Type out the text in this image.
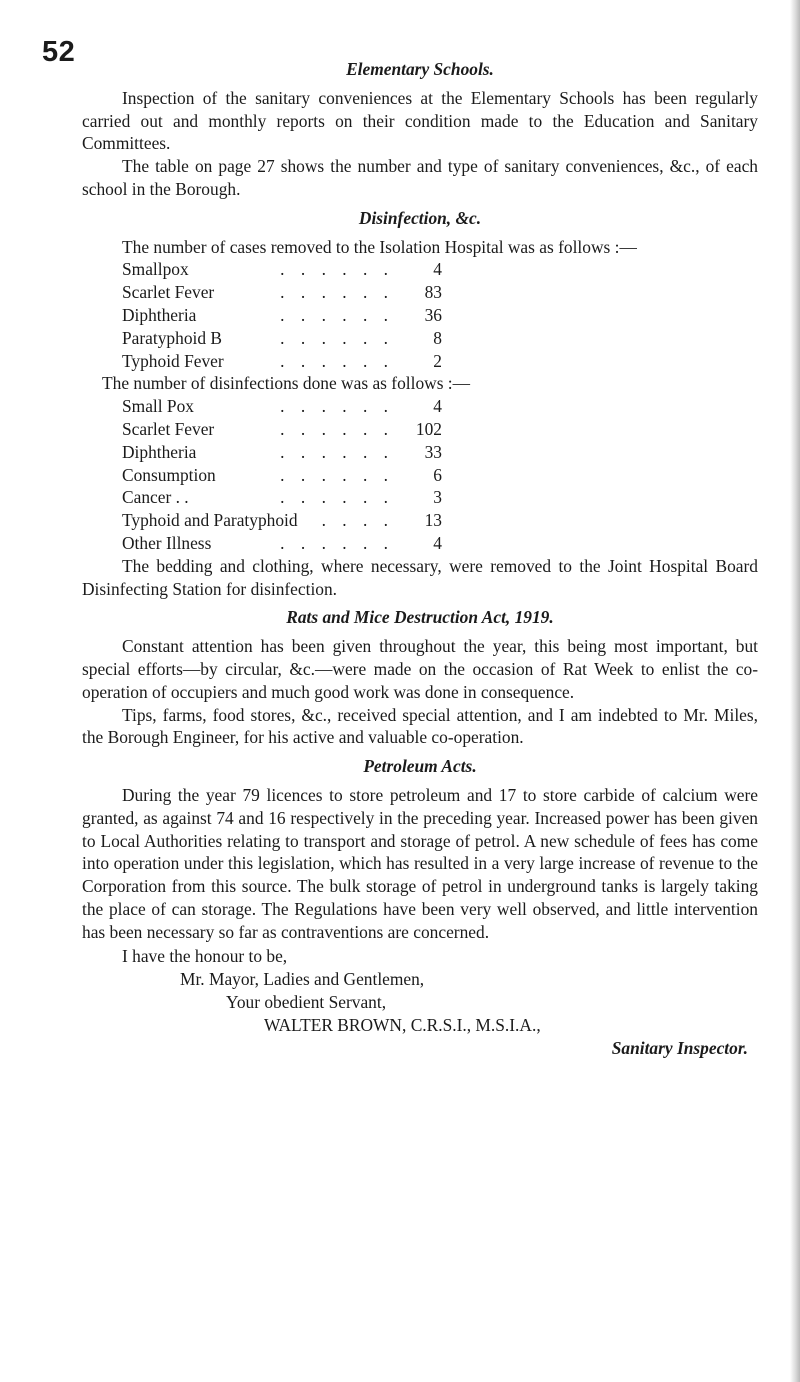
52

Elementary Schools.

Inspection of the sanitary conveniences at the Elementary Schools has been regularly carried out and monthly reports on their condition made to the Education and Sanitary Committees.

The table on page 27 shows the number and type of sanitary conveniences, &c., of each school in the Borough.

Disinfection, &c.

The number of cases removed to the Isolation Hospital was as follows :—

Smallpox	. . . . . .	4
Scarlet Fever	. . . . . .	83
Diphtheria	. . . . . .	36
Paratyphoid B	. . . . . .	8
Typhoid Fever	. . . . . .	2

The number of disinfections done was as follows :—

Small Pox	. . . . . .	4
Scarlet Fever	. . . . . .	102
Diphtheria	. . . . . .	33
Consumption	. . . . . .	6
Cancer . .	. . . . . .	3
Typhoid and Paratyphoid	. . . .	13
Other Illness	. . . . . .	4

The bedding and clothing, where necessary, were removed to the Joint Hospital Board Disinfecting Station for disinfection.

Rats and Mice Destruction Act, 1919.

Constant attention has been given throughout the year, this being most important, but special efforts—by circular, &c.—were made on the occasion of Rat Week to enlist the co-operation of occupiers and much good work was done in consequence.

Tips, farms, food stores, &c., received special attention, and I am indebted to Mr. Miles, the Borough Engineer, for his active and valuable co-operation.

Petroleum Acts.

During the year 79 licences to store petroleum and 17 to store carbide of calcium were granted, as against 74 and 16 respectively in the preceding year. Increased power has been given to Local Authorities relating to transport and storage of petrol. A new schedule of fees has come into operation under this legislation, which has resulted in a very large increase of revenue to the Corporation from this source. The bulk storage of petrol in underground tanks is largely taking the place of can storage. The Regulations have been very well observed, and little intervention has been necessary so far as contraventions are concerned.

I have the honour to be,

Mr. Mayor, Ladies and Gentlemen,

Your obedient Servant,

WALTER BROWN, C.R.S.I., M.S.I.A.,

Sanitary Inspector.
